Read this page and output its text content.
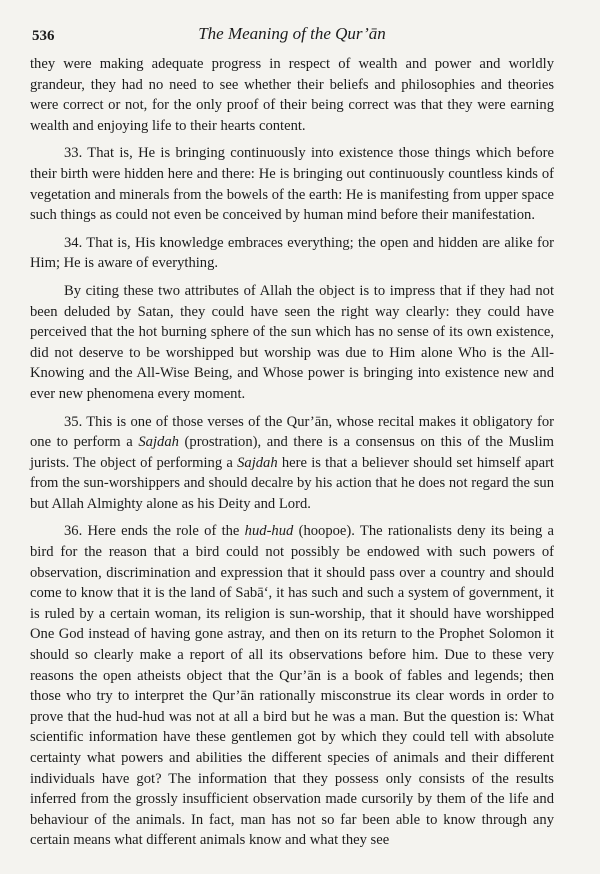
536	The Meaning of the Qur’ān

they were making adequate progress in respect of wealth and power and worldly grandeur, they had no need to see whether their beliefs and philosophies and theories were correct or not, for the only proof of their being correct was that they were earning wealth and enjoying life to their hearts content.

33. That is, He is bringing continuously into existence those things which before their birth were hidden here and there: He is bringing out continuously countless kinds of vegetation and minerals from the bowels of the earth: He is manifesting from upper space such things as could not even be conceived by human mind before their manifestation.

34. That is, His knowledge embraces everything; the open and hidden are alike for Him; He is aware of everything.

By citing these two attributes of Allah the object is to impress that if they had not been deluded by Satan, they could have seen the right way clearly: they could have perceived that the hot burning sphere of the sun which has no sense of its own existence, did not deserve to be worshipped but worship was due to Him alone Who is the All-Knowing and the All-Wise Being, and Whose power is bringing into existence new and ever new phenomena every moment.

35. This is one of those verses of the Qur’ān, whose recital makes it obligatory for one to perform a Sajdah (prostration), and there is a consensus on this of the Muslim jurists. The object of performing a Sajdah here is that a believer should set himself apart from the sun-worshippers and should decalre by his action that he does not regard the sun but Allah Almighty alone as his Deity and Lord.

36. Here ends the role of the hud-hud (hoopoe). The rationalists deny its being a bird for the reason that a bird could not possibly be endowed with such powers of observation, discrimination and expression that it should pass over a country and should come to know that it is the land of Sabā‘, it has such and such a system of government, it is ruled by a certain woman, its religion is sun-worship, that it should have worshipped One God instead of having gone astray, and then on its return to the Prophet Solomon it should so clearly make a report of all its observations before him. Due to these very reasons the open atheists object that the Qur’ān is a book of fables and legends; then those who try to interpret the Qur’ān rationally misconstrue its clear words in order to prove that the hud-hud was not at all a bird but he was a man. But the question is: What scientific information have these gentlemen got by which they could tell with absolute certainty what powers and abilities the different species of animals and their different individuals have got? The information that they possess only consists of the results inferred from the grossly insufficient observation made cursorily by them of the life and behaviour of the animals. In fact, man has not so far been able to know through any certain means what different animals know and what they see
